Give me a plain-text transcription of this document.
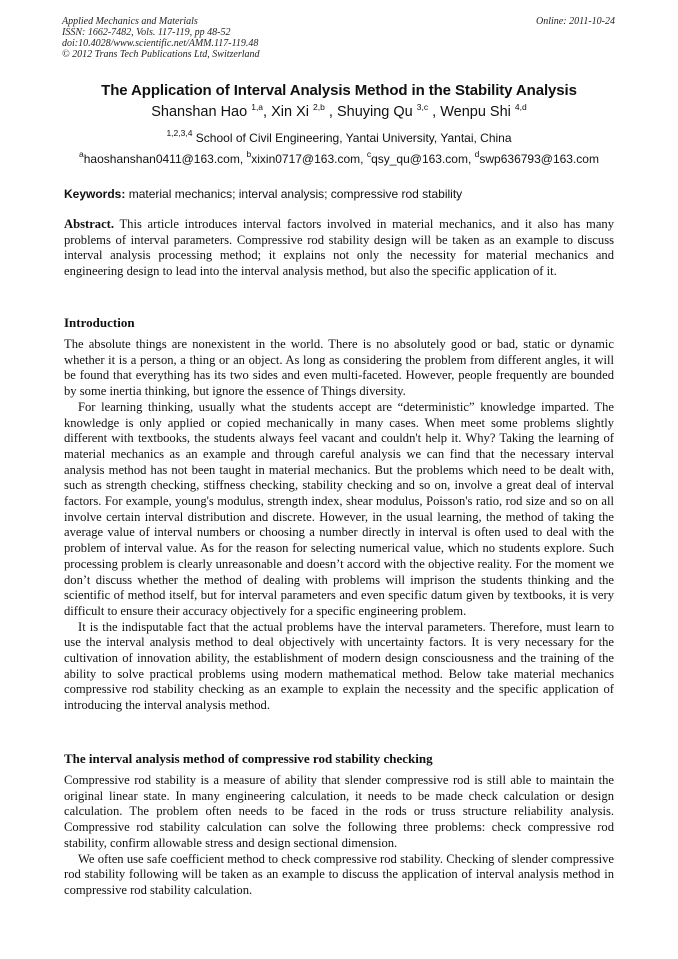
Applied Mechanics and Materials
ISSN: 1662-7482, Vols. 117-119, pp 48-52
doi:10.4028/www.scientific.net/AMM.117-119.48
© 2012 Trans Tech Publications Ltd, Switzerland
Online: 2011-10-24
The Application of Interval Analysis Method in the Stability Analysis
Shanshan Hao $^{1,a}$, Xin Xi $^{2,b}$ , Shuying Qu $^{3,c}$ , Wenpu Shi $^{4,d}$
$^{1,2,3,4}$ School of Civil Engineering, Yantai University, Yantai, China
$^a$haoshanshan0411@163.com, $^b$xixin0717@163.com, $^c$qsy_qu@163.com, $^d$swp636793@163.com
Keywords: material mechanics; interval analysis; compressive rod stability

Abstract. This article introduces interval factors involved in material mechanics, and it also has many problems of interval parameters. Compressive rod stability design will be taken as an example to discuss interval analysis processing method; it explains not only the necessity for material mechanics and engineering design to lead into the interval analysis method, but also the specific application of it.

Introduction

The absolute things are nonexistent in the world. There is no absolutely good or bad, static or dynamic whether it is a person, a thing or an object. As long as considering the problem from different angles, it will be found that everything has its two sides and even multi-faceted. However, people frequently are bounded by some inertia thinking, but ignore the essence of Things diversity.

For learning thinking, usually what the students accept are “deterministic” knowledge imparted. The knowledge is only applied or copied mechanically in many cases. When meet some problems slightly different with textbooks, the students always feel vacant and couldn't help it. Why? Taking the learning of material mechanics as an example and through careful analysis we can find that the necessary interval analysis method has not been taught in material mechanics. But the problems which need to be dealt with, such as strength checking, stiffness checking, stability checking and so on, involve a great deal of interval factors. For example, young's modulus, strength index, shear modulus, Poisson's ratio, rod size and so on all involve certain interval distribution and discrete. However, in the usual learning, the method of taking the average value of interval numbers or choosing a number directly in interval is often used to deal with the problem of interval value. As for the reason for selecting numerical value, which no students explore. Such processing problem is clearly unreasonable and doesn’t accord with the objective reality. For the moment we don’t discuss whether the method of dealing with problems will imprison the students thinking and the scientific of method itself, but for interval parameters and even specific datum given by textbooks, it is very difficult to ensure their accuracy objectively for a specific engineering problem.

It is the indisputable fact that the actual problems have the interval parameters. Therefore, must learn to use the interval analysis method to deal objectively with uncertainty factors. It is very necessary for the cultivation of innovation ability, the establishment of modern design consciousness and the training of the ability to solve practical problems using modern mathematical method. Below take material mechanics compressive rod stability checking as an example to explain the necessity and the specific application of introducing the interval analysis method.

The interval analysis method of compressive rod stability checking

Compressive rod stability is a measure of ability that slender compressive rod is still able to maintain the original linear state. In many engineering calculation, it needs to be made check calculation or design calculation. The problem often needs to be faced in the rods or truss structure reliability analysis. Compressive rod stability calculation can solve the following three problems: check compressive rod stability, confirm allowable stress and design sectional dimension.

We often use safe coefficient method to check compressive rod stability. Checking of slender compressive rod stability following will be taken as an example to discuss the application of interval analysis method in compressive rod stability calculation.
